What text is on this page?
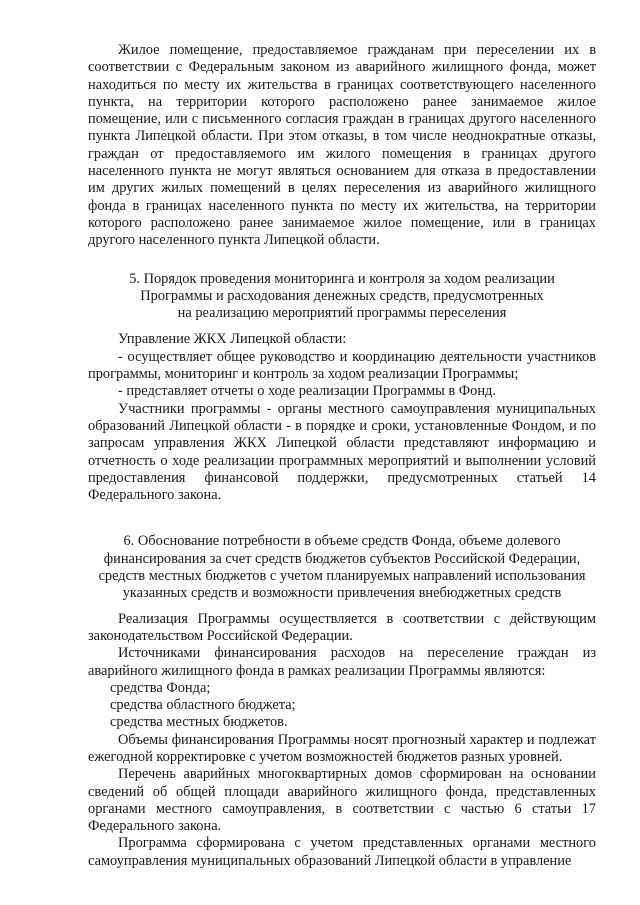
Жилое помещение, предоставляемое гражданам при переселении их в соответствии с Федеральным законом из аварийного жилищного фонда, может находиться по месту их жительства в границах соответствующего населенного пункта, на территории которого расположено ранее занимаемое жилое помещение, или с письменного согласия граждан в границах другого населенного пункта Липецкой области. При этом отказы, в том числе неоднократные отказы, граждан от предоставляемого им жилого помещения в границах другого населенного пункта не могут являться основанием для отказа в предоставлении им других жилых помещений в целях переселения из аварийного жилищного фонда в границах населенного пункта по месту их жительства, на территории которого расположено ранее занимаемое жилое помещение, или в границах другого населенного пункта Липецкой области.

5. Порядок проведения мониторинга и контроля за ходом реализации
Программы и расходования денежных средств, предусмотренных
на реализацию мероприятий программы переселения

Управление ЖКХ Липецкой области:

- осуществляет общее руководство и координацию деятельности участников программы, мониторинг и контроль за ходом реализации Программы;

- представляет отчеты о ходе реализации Программы в Фонд.

Участники программы - органы местного самоуправления муниципальных образований Липецкой области - в порядке и сроки, установленные Фондом, и по запросам управления ЖКХ Липецкой области представляют информацию и отчетность о ходе реализации программных мероприятий и выполнении условий предоставления финансовой поддержки, предусмотренных статьей 14 Федерального закона.

6. Обоснование потребности в объеме средств Фонда, объеме долевого
финансирования за счет средств бюджетов субъектов Российской Федерации,
средств местных бюджетов с учетом планируемых направлений использования
указанных средств и возможности привлечения внебюджетных средств

Реализация Программы осуществляется в соответствии с действующим законодательством Российской Федерации.

Источниками финансирования расходов на переселение граждан из аварийного жилищного фонда в рамках реализации Программы являются:

средства Фонда;

средства областного бюджета;

средства местных бюджетов.

Объемы финансирования Программы носят прогнозный характер и подлежат ежегодной корректировке с учетом возможностей бюджетов разных уровней.

Перечень аварийных многоквартирных домов сформирован на основании сведений об общей площади аварийного жилищного фонда, представленных органами местного самоуправления, в соответствии с частью 6 статьи 17 Федерального закона.

Программа сформирована с учетом представленных органами местного самоуправления муниципальных образований Липецкой области в управление
